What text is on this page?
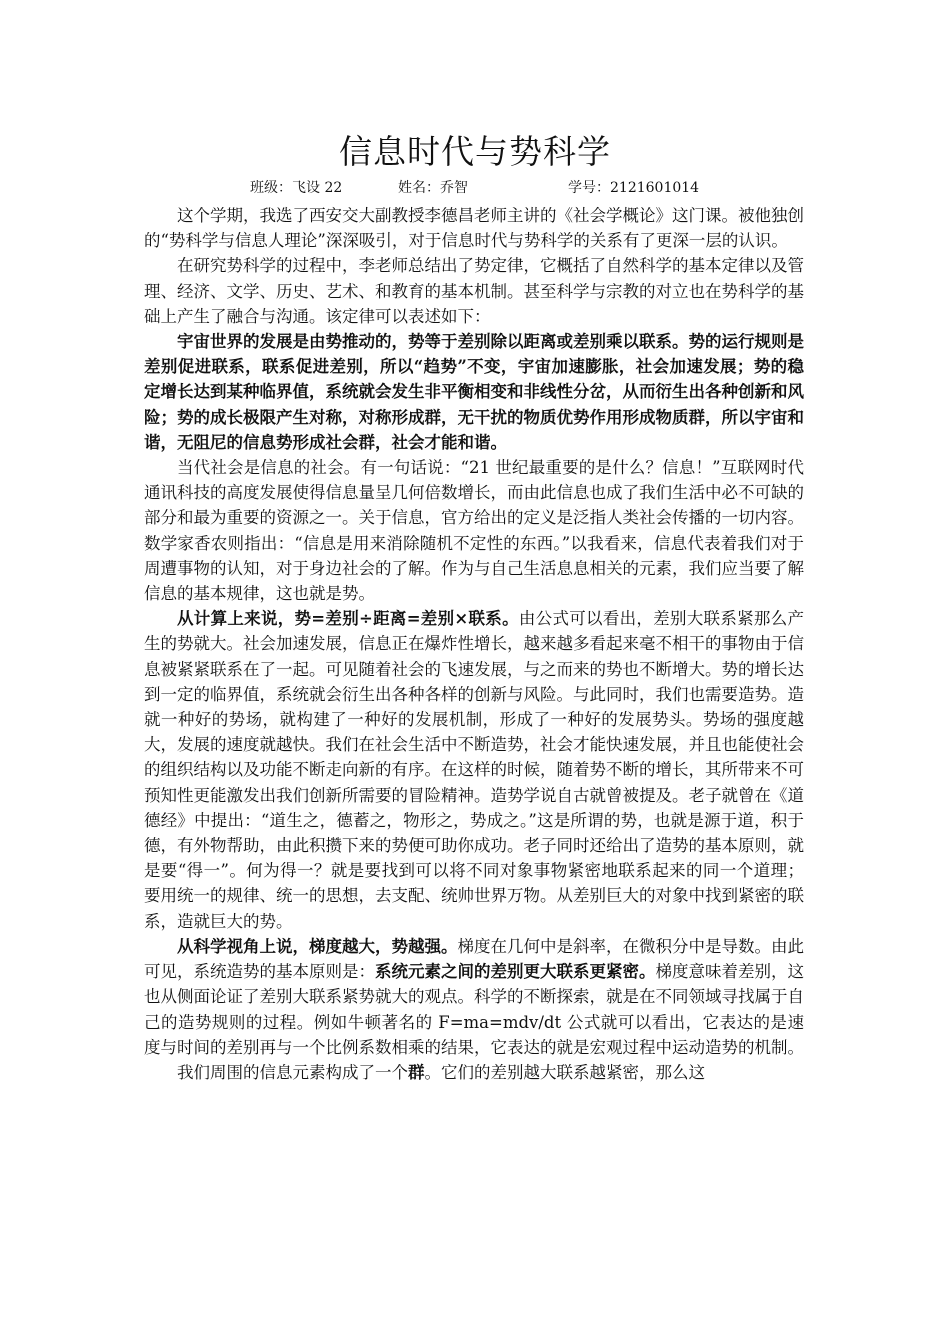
信息时代与势科学
班级：飞设 22	姓名：乔智	学号：2121601014

这个学期，我选了西安交大副教授李德昌老师主讲的《社会学概论》这门课。被他独创的“势科学与信息人理论”深深吸引，对于信息时代与势科学的关系有了更深一层的认识。

在研究势科学的过程中，李老师总结出了势定律，它概括了自然科学的基本定律以及管理、经济、文学、历史、艺术、和教育的基本机制。甚至科学与宗教的对立也在势科学的基础上产生了融合与沟通。该定律可以表述如下：

宇宙世界的发展是由势推动的，势等于差别除以距离或差别乘以联系。势的运行规则是差别促进联系，联系促进差别，所以“趋势”不变，宇宙加速膨胀，社会加速发展；势的稳定增长达到某种临界值，系统就会发生非平衡相变和非线性分岔，从而衍生出各种创新和风险；势的成长极限产生对称，对称形成群，无干扰的物质优势作用形成物质群，所以宇宙和谐，无阻尼的信息势形成社会群，社会才能和谐。

当代社会是信息的社会。有一句话说：“21 世纪最重要的是什么？信息！”互联网时代通讯科技的高度发展使得信息量呈几何倍数增长，而由此信息也成了我们生活中必不可缺的部分和最为重要的资源之一。关于信息，官方给出的定义是泛指人类社会传播的一切内容。数学家香农则指出：“信息是用来消除随机不定性的东西。”以我看来，信息代表着我们对于周遭事物的认知，对于身边社会的了解。作为与自己生活息息相关的元素，我们应当要了解信息的基本规律，这也就是势。

从计算上来说，势=差别÷距离=差别×联系。由公式可以看出，差别大联系紧那么产生的势就大。社会加速发展，信息正在爆炸性增长，越来越多看起来毫不相干的事物由于信息被紧紧联系在了一起。可见随着社会的飞速发展，与之而来的势也不断增大。势的增长达到一定的临界值，系统就会衍生出各种各样的创新与风险。与此同时，我们也需要造势。造就一种好的势场，就构建了一种好的发展机制，形成了一种好的发展势头。势场的强度越大，发展的速度就越快。我们在社会生活中不断造势，社会才能快速发展，并且也能使社会的组织结构以及功能不断走向新的有序。在这样的时候，随着势不断的增长，其所带来不可预知性更能激发出我们创新所需要的冒险精神。造势学说自古就曾被提及。老子就曾在《道德经》中提出：“道生之，德蓄之，物形之，势成之。”这是所谓的势，也就是源于道，积于德，有外物帮助，由此积攒下来的势便可助你成功。老子同时还给出了造势的基本原则，就是要“得一”。何为得一？就是要找到可以将不同对象事物紧密地联系起来的同一个道理；要用统一的规律、统一的思想，去支配、统帅世界万物。从差别巨大的对象中找到紧密的联系，造就巨大的势。

从科学视角上说，梯度越大，势越强。梯度在几何中是斜率，在微积分中是导数。由此可见，系统造势的基本原则是：系统元素之间的差别更大联系更紧密。梯度意味着差别，这也从侧面论证了差别大联系紧势就大的观点。科学的不断探索，就是在不同领域寻找属于自己的造势规则的过程。例如牛顿著名的 F=ma=mdv/dt 公式就可以看出，它表达的是速度与时间的差别再与一个比例系数相乘的结果，它表达的就是宏观过程中运动造势的机制。

我们周围的信息元素构成了一个群。它们的差别越大联系越紧密，那么这
